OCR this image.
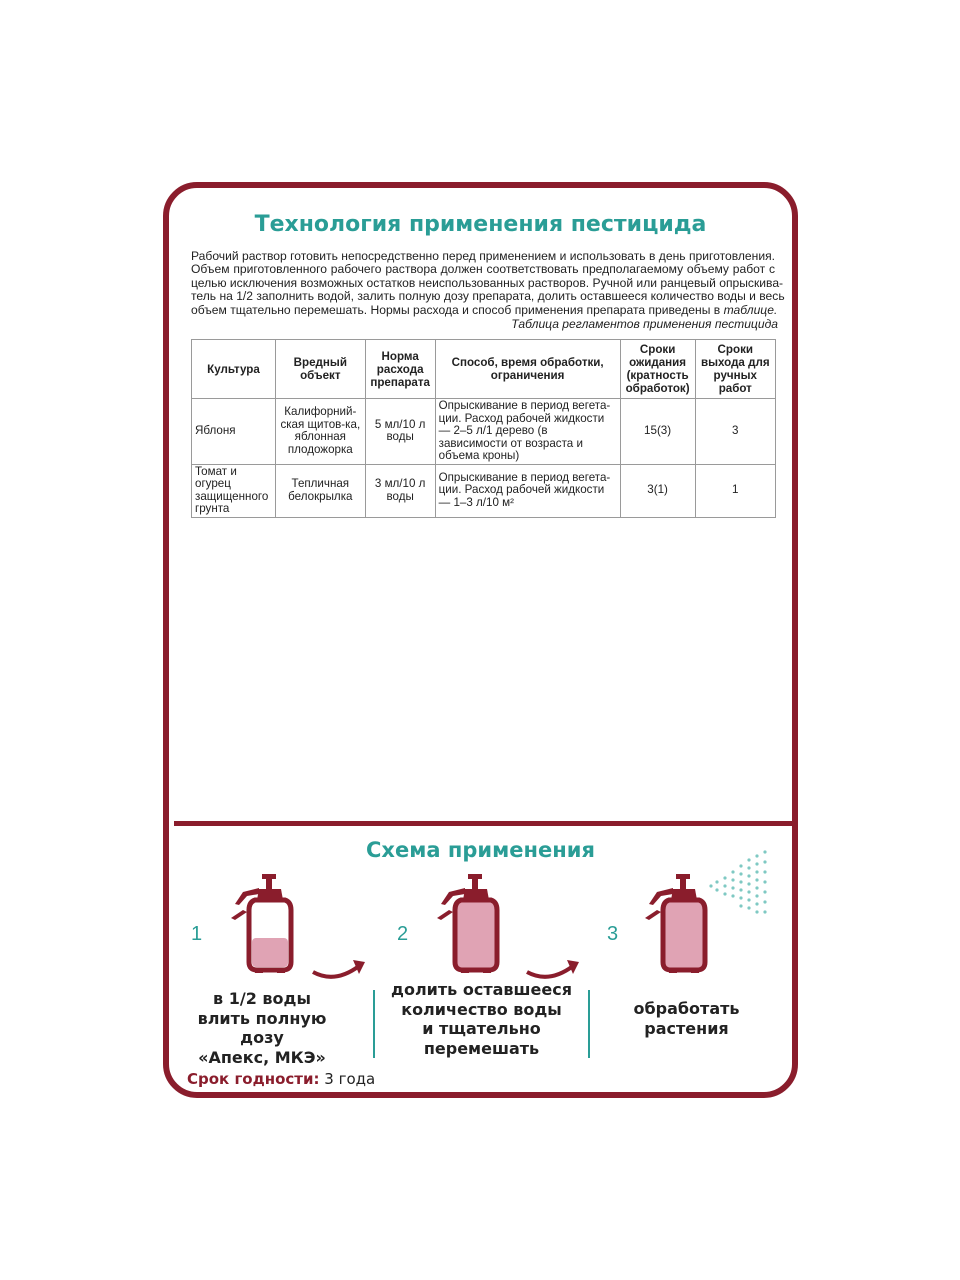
Технология применения пестицида
Рабочий раствор готовить непосредственно перед применением и использовать в день приготовления.
Объем приготовленного рабочего раствора должен соответствовать предполагаемому объему работ с
целью исключения возможных остатков неиспользованных растворов. Ручной или ранцевый опрыскива-
тель на 1/2 заполнить водой, залить полную дозу препарата, долить оставшееся количество воды и весь
объем тщательно перемешать. Нормы расхода и способ применения препарата приведены в таблице.
Таблица регламентов применения пестицида
Культура	Вредный объект	Норма расхода препарата	Способ, время обработки, ограничения	Сроки ожидания (кратность обработок)	Сроки выхода для ручных работ
Яблоня	Калифорний-ская щитов-ка, яблонная плодожорка	5 мл/10 л воды	Опрыскивание в период вегета-ции. Расход рабочей жидкости — 2–5 л/1 дерево (в зависимости от возраста и объема кроны)	15(3)	3
Томат и огурец защищенного грунта	Тепличная белокрылка	3 мл/10 л воды	Опрыскивание в период вегета-ции. Расход рабочей жидкости — 1–3 л/10 м²	3(1)	1
Схема применения
1
в 1/2 воды
влить полную дозу
«Апекс, МКЭ»
2
долить оставшееся
количество воды
и тщательно
перемешать
3
обработать
растения
Срок годности: 3 года
